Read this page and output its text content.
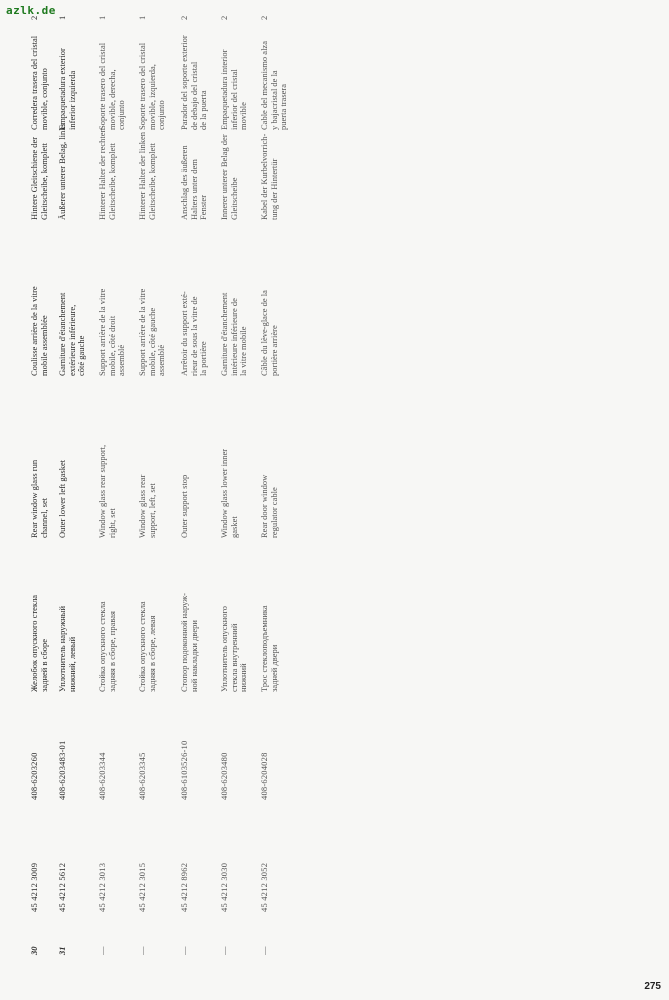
azlk.de
30
45 4212 3009
408-6203260
Желобок опускного стекла
задней в сборе
Rear window glass run
channel, set
Coulisse arrière de la vitre
mobile assemblée
Hintere Gleitschiene der
Gleitscheibe, komplett
Corredera trasera del cristal
movible, conjunto
2
31
45 4212 5612
408-6203483-01
Уплотнитель наружный
нижний, левый
Outer lower left gasket
Garniture d'étanchement
extérieure inférieure,
côté gauche
Äußerer unterer Belag, links
Empaquetadura exterior
inferior izquierda
1
—
45 4212 3013
408-6203344
Стойка опускного стекла
задняя в сборе, правая
Window glass rear support,
right, set
Support arrière de la vitre
mobile, côté droit
assemblé
Hinterer Halter der rechten
Gleitscheibe, komplett
Soporte trasero del cristal
movible, derecha,
conjunto
1
—
45 4212 3015
408-6203345
Стойка опускного стекла
задняя в сборе, левая
Window glass rear
support, left, set
Support arrière de la vitre
mobile, côté gauche
assemblé
Hinterer Halter der linken
Gleitscheibe, komplett
Soporte trasero del cristal
movible, izquierda,
conjunto
1
—
45 4212 8962
408-6103526-10
Стопор подоконной наруж-
ной накладки двери
Outer support stop
Arrêtoir du support exté-
rieur de sous la vitre de
la portière
Anschlag des äußeren
Halters unter dem
Fenster
Parador del soporte exterior
de debajo del cristal
de la puerta
2
—
45 4212 3030
408-6203480
Уплотнитель опускного
стекла внутренний
нижний
Window glass lower inner
gasket
Garniture d'étanchement
intérieure inférieure de
la vitre mobile
Innerer unterer Belag der
Gleitscheibe
Empaquetadura interior
inferior del cristal
movible
2
—
45 4212 3052
408-6204028
Трос стеклоподъемника
задней двери
Rear door window
regulator cable
Câble du lève-glace de la
portière arrière
Kabel der Kurbelvorrich-
tung der Hintertür
Cable del mecanismo alza
y bajacristal de la
puerta trasera
2
275
